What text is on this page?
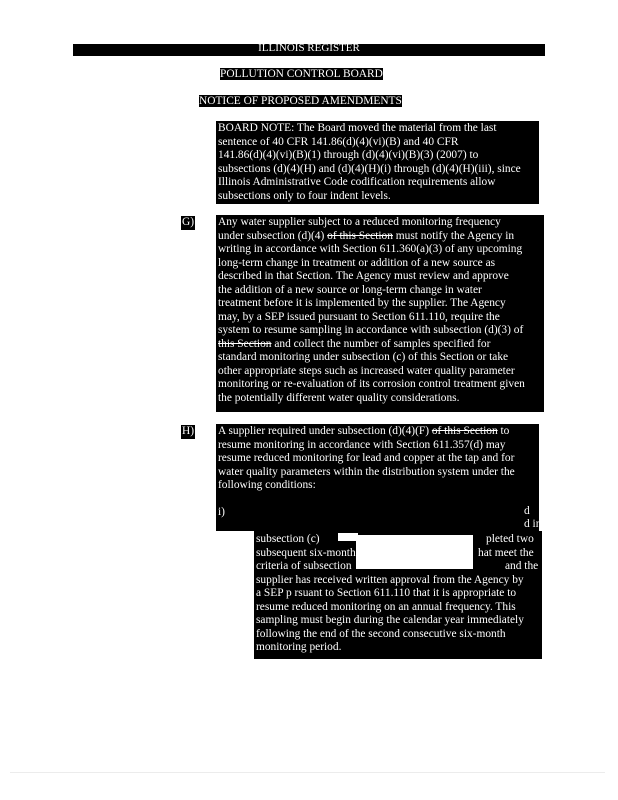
ILLINOIS REGISTER
POLLUTION CONTROL BOARD
NOTICE OF PROPOSED AMENDMENTS
BOARD NOTE: The Board moved the material from the last
sentence of 40 CFR 141.86(d)(4)(vi)(B) and 40 CFR
141.86(d)(4)(vi)(B)(1) through (d)(4)(vi)(B)(3) (2007) to
subsections (d)(4)(H) and (d)(4)(H)(i) through (d)(4)(H)(iii), since
Illinois Administrative Code codification requirements allow
subsections only to four indent levels.
G) Any water supplier subject to a reduced monitoring frequency
under subsection (d)(4) of this Section must notify the Agency in
writing in accordance with Section 611.360(a)(3) of any upcoming
long-term change in treatment or addition of a new source as
described in that Section. The Agency must review and approve
the addition of a new source or long-term change in water
treatment before it is implemented by the supplier. The Agency
may, by a SEP issued pursuant to Section 611.110, require the
system to resume sampling in accordance with subsection (d)(3) of
this Section and collect the number of samples specified for
standard monitoring under subsection (c) of this Section or take
other appropriate steps such as increased water quality parameter
monitoring or re-evaluation of its corrosion control treatment given
the potentially different water quality considerations.
H) A supplier required under subsection (d)(4)(F) of this Section to
resume monitoring in accordance with Section 611.357(d) may
resume reduced monitoring for lead and copper at the tap and for
water quality parameters within the distribution system under the
following conditions:
i)	d
d in
subsection (c)	pleted two
subsequent six-month	hat meet the
criteria of subsection	and the
supplier has received written approval from the Agency by
a SEP p rsuant to Section 611.110 that it is appropriate to
resume reduced monitoring on an annual frequency. This
sampling must begin during the calendar year immediately
following the end of the second consecutive six-month
monitoring period.
